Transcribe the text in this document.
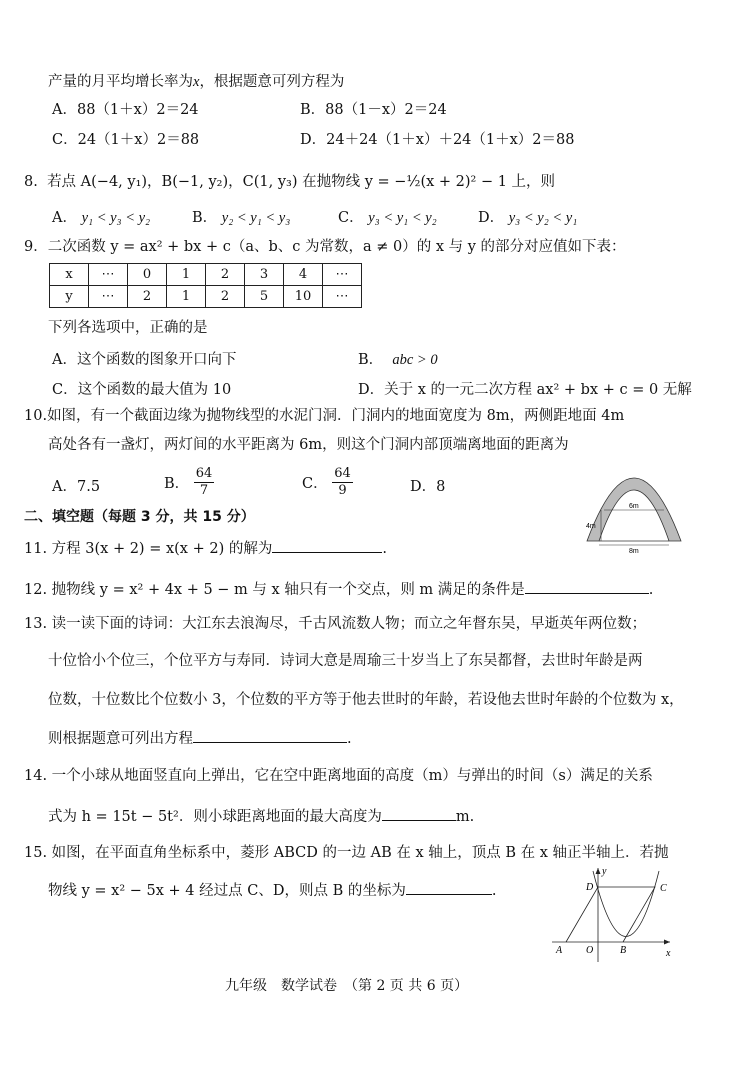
产量的月平均增长率为x，根据题意可列方程为
A．88（1＋x）2＝24	B．88（1－x）2＝24
C．24（1＋x）2＝88	D．24＋24（1＋x）＋24（1＋x）2＝88
8. 若点 A(−4, y₁)，B(−1, y₂)，C(1, y₃) 在抛物线 y = −½(x + 2)² − 1 上，则
A． y₁ < y₃ < y₂	B． y₂ < y₁ < y₃	C． y₃ < y₁ < y₂	D． y₃ < y₂ < y₁
9．二次函数 y = ax² + bx + c（a、b、c 为常数，a ≠ 0）的 x 与 y 的部分对应值如下表：
x	⋯	0	1	2	3	4	⋯
y	⋯	2	1	2	5	10	⋯
下列各选项中，正确的是
A．这个函数的图象开口向下	B． abc > 0
C．这个函数的最大值为 10	D．关于 x 的一元二次方程 ax² + bx + c = 0 无解
10.如图，有一个截面边缘为抛物线型的水泥门洞．门洞内的地面宽度为 8m，两侧距地面 4m
高处各有一盏灯，两灯间的水平距离为 6m，则这个门洞内部顶端离地面的距离为
A．7.5	B． $\frac{64}{7}$	C． $\frac{64}{9}$	D．8
6m
4m
8m
二、填空题（每题 3 分，共 15 分）
11. 方程 3(x + 2) = x(x + 2) 的解为	.
12. 抛物线 y = x² + 4x + 5 − m 与 x 轴只有一个交点，则 m 满足的条件是	.
13. 读一读下面的诗词：大江东去浪淘尽，千古风流数人物；而立之年督东吴，早逝英年两位数；
十位恰小个位三，个位平方与寿同．诗词大意是周瑜三十岁当上了东吴都督，去世时年龄是两
位数，十位数比个位数小 3，个位数的平方等于他去世时的年龄，若设他去世时年龄的个位数为 x，
则根据题意可列出方程	.
14. 一个小球从地面竖直向上弹出，它在空中距离地面的高度（m）与弹出的时间（s）满足的关系
式为 h = 15t − 5t²．则小球距离地面的最大高度为	m.
15. 如图，在平面直角坐标系中，菱形 ABCD 的一边 AB 在 x 轴上，顶点 B 在 x 轴正半轴上．若抛
物线 y = x² − 5x + 4 经过点 C、D，则点 B 的坐标为	.
A O	B
C
D
x
y
九年级　数学试卷　（第 2 页 共 6 页）
